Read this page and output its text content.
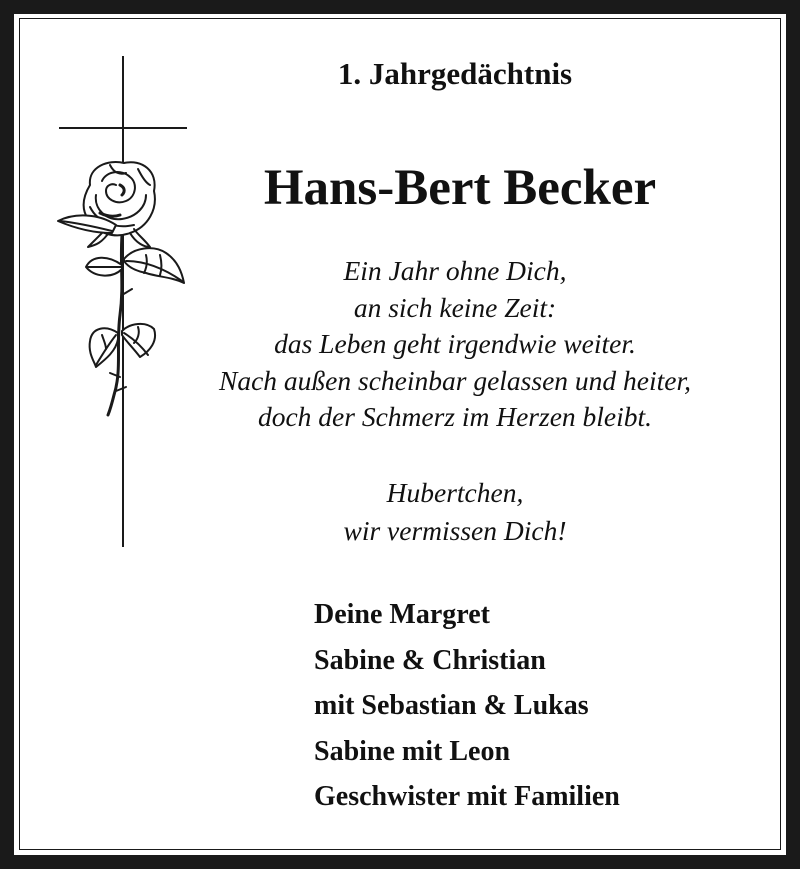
1. Jahrgedächtnis
Hans-Bert Becker
Ein Jahr ohne Dich,
an sich keine Zeit:
das Leben geht irgendwie weiter.
Nach außen scheinbar gelassen und heiter,
doch der Schmerz im Herzen bleibt.
Hubertchen,
wir vermissen Dich!
Deine Margret
Sabine & Christian
mit Sebastian & Lukas
Sabine mit Leon
Geschwister mit Familien
